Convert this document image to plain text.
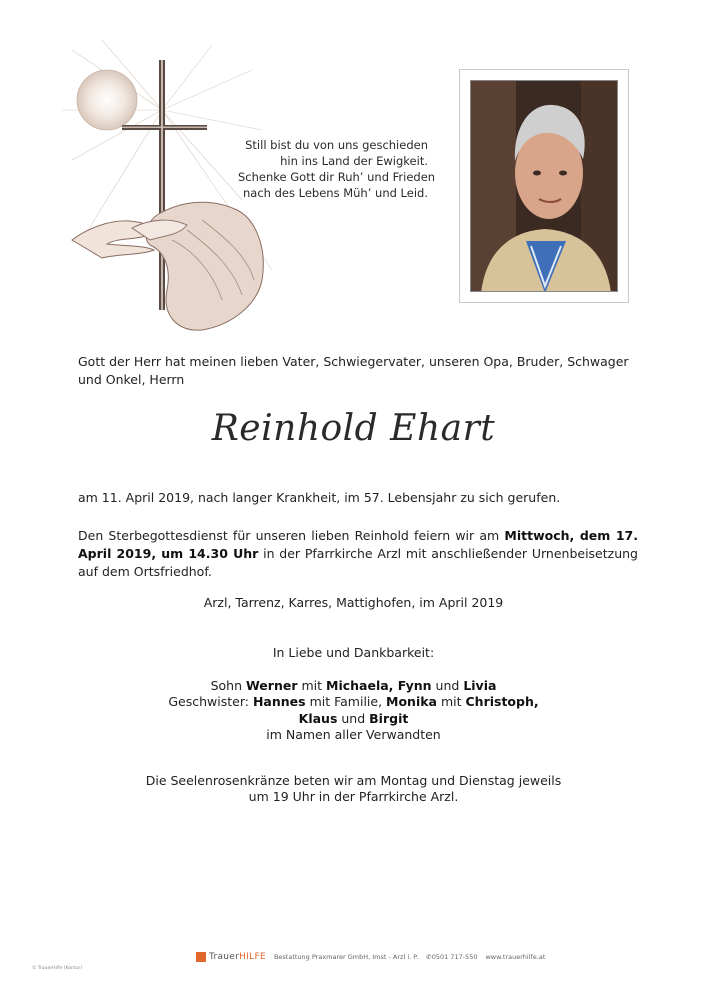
Still bist du von uns geschieden
hin ins Land der Ewigkeit.
Schenke Gott dir Ruh’ und Frieden
nach des Lebens Müh’ und Leid.
Gott der Herr hat meinen lieben Vater, Schwiegervater, unseren Opa, Bruder, Schwager und Onkel, Herrn
Reinhold Ehart
am 11. April 2019, nach langer Krankheit, im 57. Lebensjahr zu sich gerufen.
Den Sterbegottesdienst für unseren lieben Reinhold feiern wir am Mittwoch, dem 17. April 2019, um 14.30 Uhr in der Pfarrkirche Arzl mit anschließender Urnenbeisetzung auf dem Ortsfriedhof.
Arzl, Tarrenz, Karres, Mattighofen, im April 2019
In Liebe und Dankbarkeit:
Sohn Werner mit Michaela, Fynn und Livia
Geschwister: Hannes mit Familie, Monika mit Christoph,
Klaus und Birgit
im Namen aller Verwandten
Die Seelenrosenkränze beten wir am Montag und Dienstag jeweils
um 19 Uhr in der Pfarrkirche Arzl.
TrauerHILFE Bestattung Praxmarer GmbH, Imst - Arzl i. P. ✆0501 717-550 www.trauerhilfe.at
© TrauerHilfe (Kontur)
